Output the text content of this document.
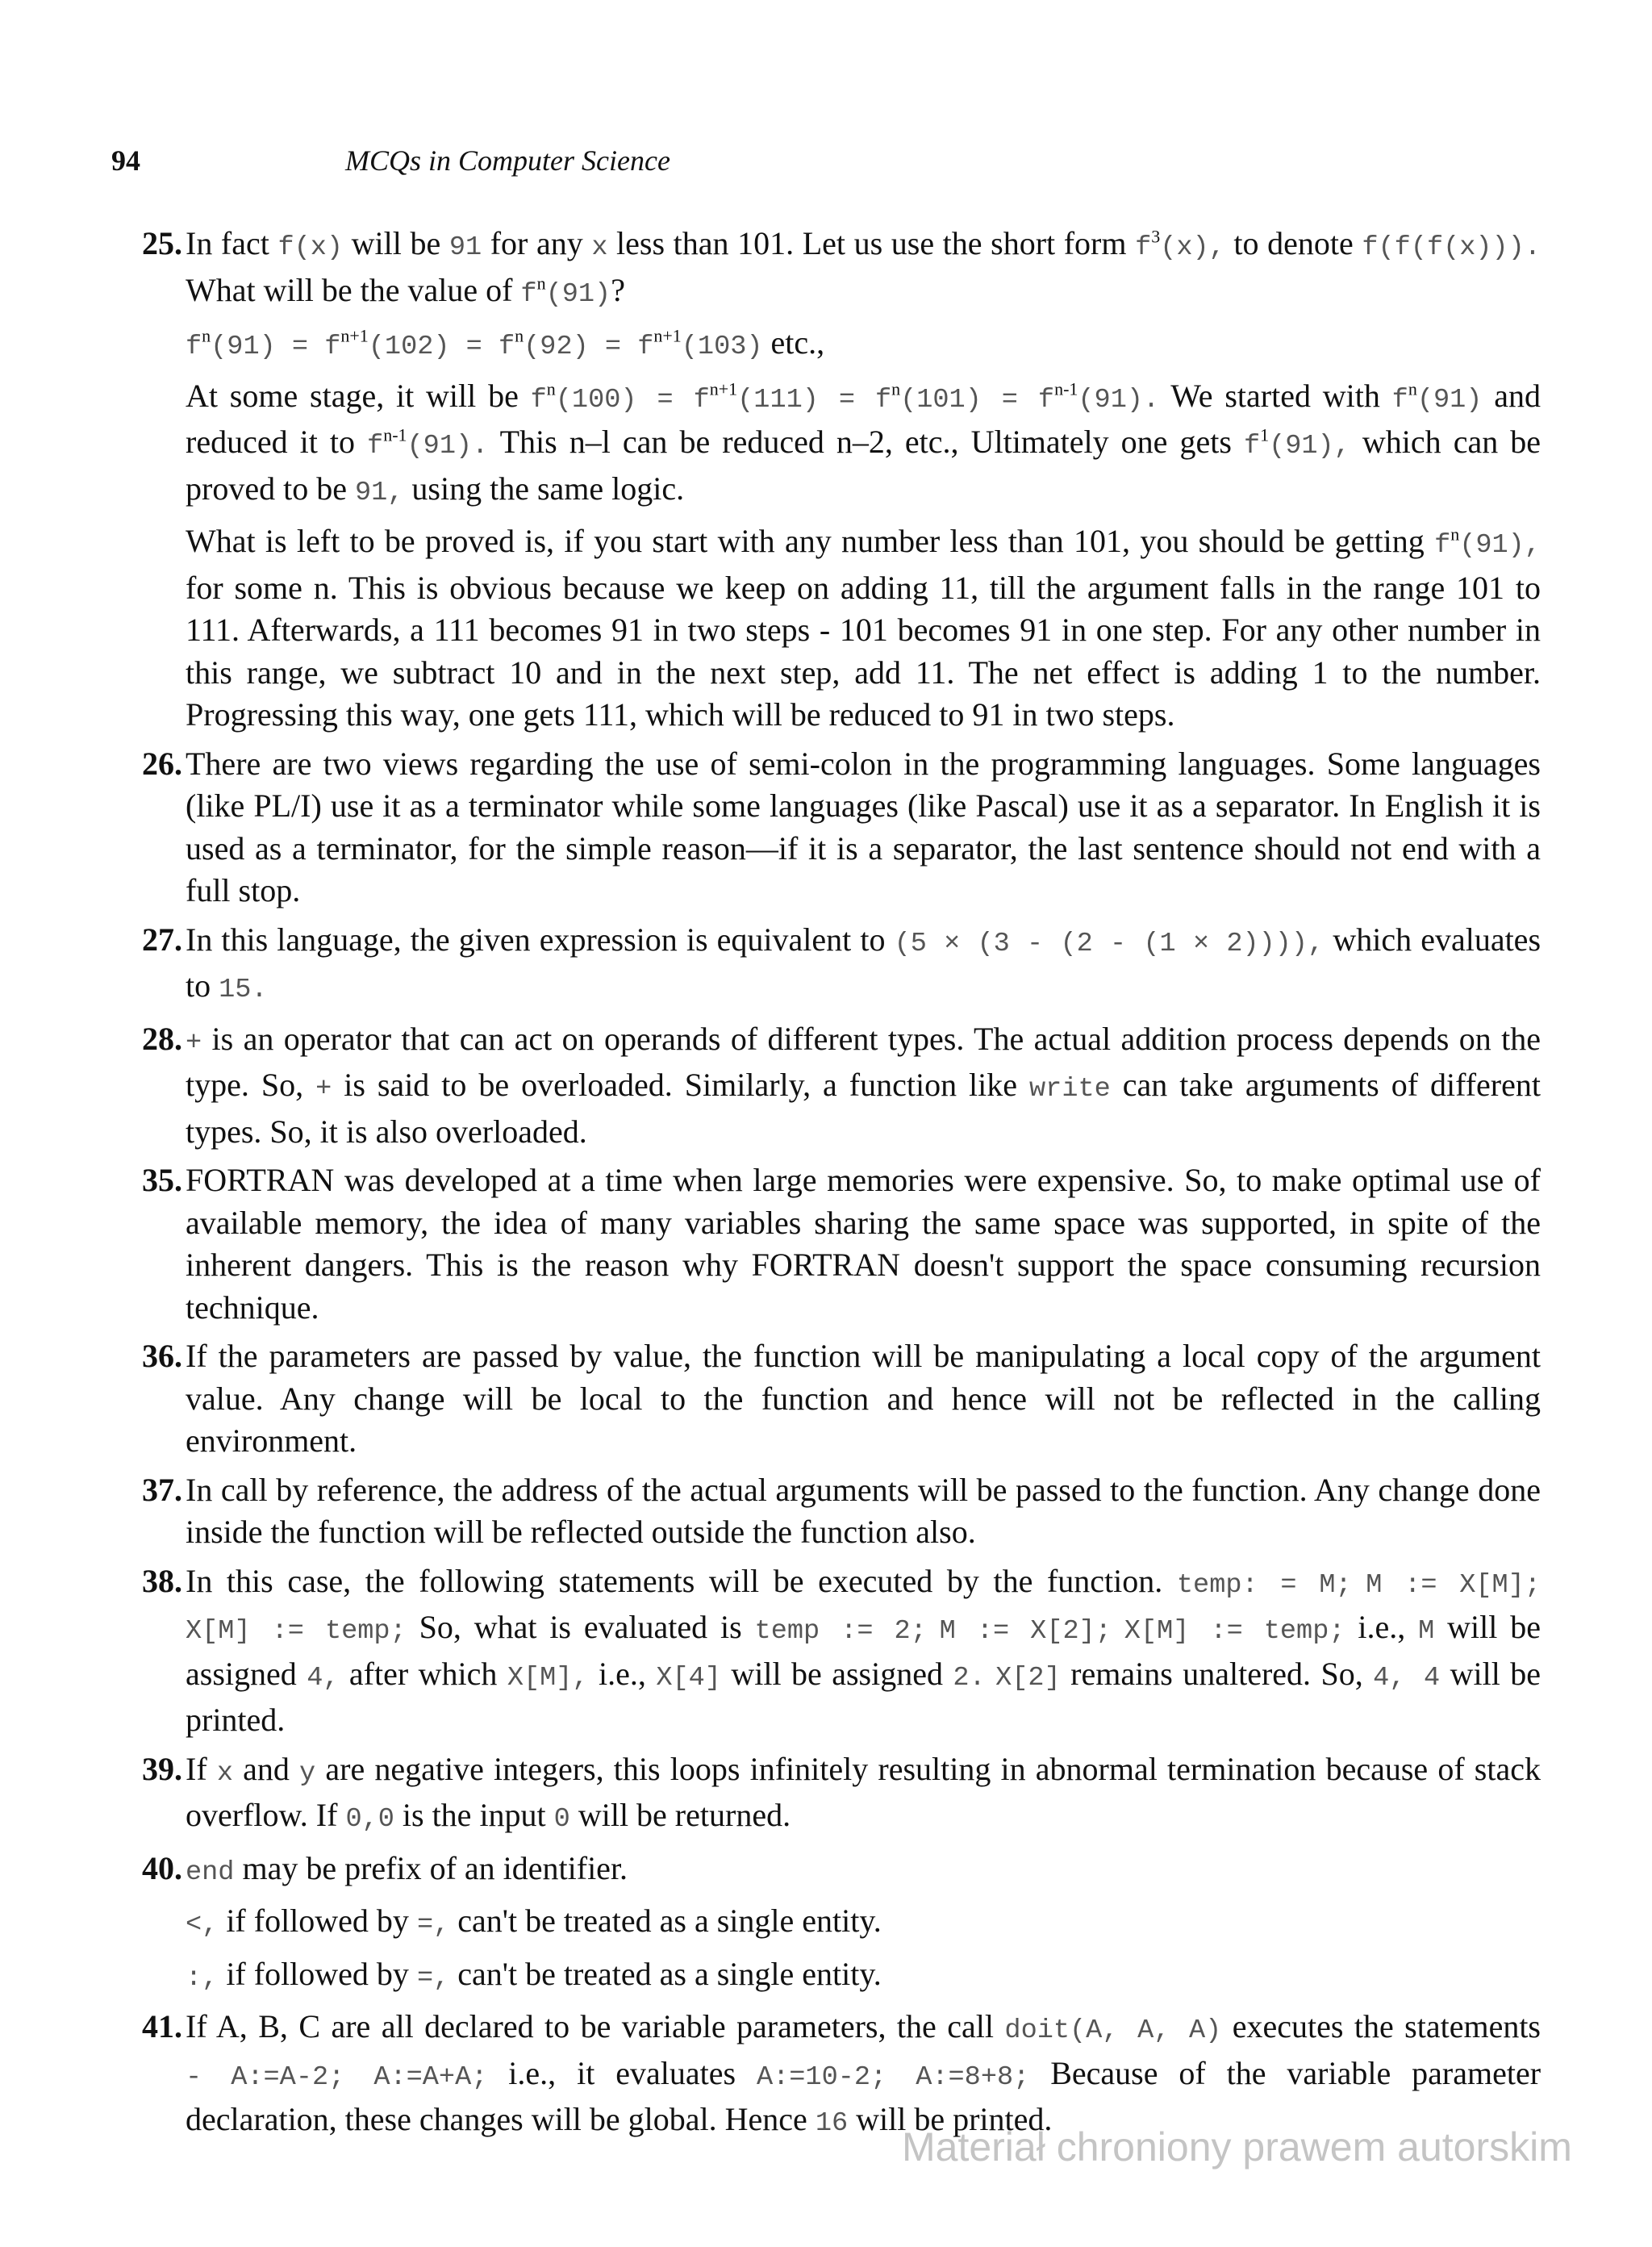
94	MCQs in Computer Science
25. In fact f(x) will be 91 for any x less than 101. Let us use the short form $f^3(x)$, to denote f(f(f(x))). What will be the value of $f^n(91)$?

$f^n(91) = f^{n+1}(102) = f^n(92) = f^{n+1}(103)$ etc.,

At some stage, it will be $f^n(100) = f^{n+1}(111) = f^n(101) = f^{n-1}(91)$. We started with $f^n(91)$ and reduced it to $f^{n-1}(91)$. This n–l can be reduced n–2, etc., Ultimately one gets $f^1(91)$, which can be proved to be 91, using the same logic.

What is left to be proved is, if you start with any number less than 101, you should be getting $f^n(91)$, for some n. This is obvious because we keep on adding 11, till the argument falls in the range 101 to 111. Afterwards, a 111 becomes 91 in two steps - 101 becomes 91 in one step. For any other number in this range, we subtract 10 and in the next step, add 11. The net effect is adding 1 to the number. Progressing this way, one gets 111, which will be reduced to 91 in two steps.

26. There are two views regarding the use of semi-colon in the programming languages. Some languages (like PL/I) use it as a terminator while some languages (like Pascal) use it as a separator. In English it is used as a terminator, for the simple reason—if it is a separator, the last sentence should not end with a full stop.

27. In this language, the given expression is equivalent to (5 × (3 - (2 - (1 × 2)))), which evaluates to 15.

28. + is an operator that can act on operands of different types. The actual addition process depends on the type. So, + is said to be overloaded. Similarly, a function like write can take arguments of different types. So, it is also overloaded.

35. FORTRAN was developed at a time when large memories were expensive. So, to make optimal use of available memory, the idea of many variables sharing the same space was supported, in spite of the inherent dangers. This is the reason why FORTRAN doesn't support the space consuming recursion technique.

36. If the parameters are passed by value, the function will be manipulating a local copy of the argument value. Any change will be local to the function and hence will not be reflected in the calling environment.

37. In call by reference, the address of the actual arguments will be passed to the function. Any change done inside the function will be reflected outside the function also.

38. In this case, the following statements will be executed by the function. temp: = M; M := X[M]; X[M] := temp; So, what is evaluated is temp := 2; M := X[2]; X[M] := temp; i.e., M will be assigned 4, after which X[M], i.e., X[4] will be assigned 2. X[2] remains unaltered. So, 4, 4 will be printed.

39. If x and y are negative integers, this loops infinitely resulting in abnormal termination because of stack overflow. If 0,0 is the input 0 will be returned.

40. end may be prefix of an identifier.

<, if followed by =, can't be treated as a single entity.

:, if followed by =, can't be treated as a single entity.

41. If A, B, C are all declared to be variable parameters, the call doit(A, A, A) executes the statements - A:=A-2; A:=A+A; i.e., it evaluates A:=10-2; A:=8+8; Because of the variable parameter declaration, these changes will be global. Hence 16 will be printed.

Materiał chroniony prawem autorskim
